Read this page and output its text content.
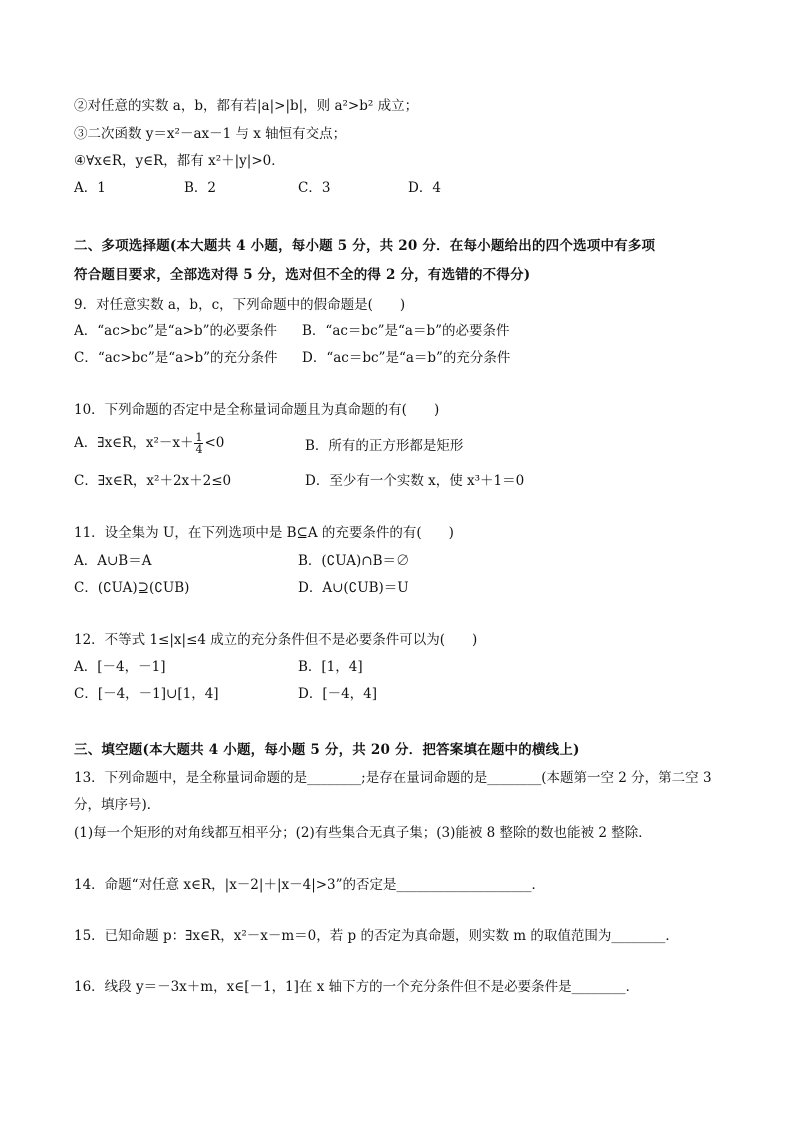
②对任意的实数 a，b，都有若|a|>|b|，则 a²>b² 成立；
③二次函数 y＝x²－ax－1 与 x 轴恒有交点；
④∀x∈R，y∈R，都有 x²＋|y|>0．
A．1	B．2	C．3	D．4
二、多项选择题(本大题共 4 小题，每小题 5 分，共 20 分．在每小题给出的四个选项中有多项
符合题目要求，全部选对得 5 分，选对但不全的得 2 分，有选错的不得分)
9．对任意实数 a，b，c，下列命题中的假命题是(　　)
A．“ac>bc”是“a>b”的必要条件 B．“ac＝bc”是“a＝b”的必要条件
C．“ac>bc”是“a>b”的充分条件 D．“ac＝bc”是“a＝b”的充分条件
10．下列命题的否定中是全称量词命题且为真命题的有(　　)
A．∃x∈R，$x^2-x+ \frac{1}{4} <0$	B．所有的正方形都是矩形
C．∃x∈R，x²＋2x＋2≤0	D．至少有一个实数 x，使 x³＋1＝0
11．设全集为 U，在下列选项中是 B⊆A 的充要条件的有(　　)
A．A∪B＝A	B．(∁UA)∩B＝∅
C．(∁UA)⊇(∁UB)	D．A∪(∁UB)＝U
12．不等式 1≤|x|≤4 成立的充分条件但不是必要条件可以为(　　)
A．[－4，－1]	B．[1，4]
C．[－4，－1]∪[1，4]	D．[－4，4]
三、填空题(本大题共 4 小题，每小题 5 分，共 20 分．把答案填在题中的横线上)
13．下列命题中，是全称量词命题的是________;是存在量词命题的是________(本题第一空 2 分，第二空 3
分，填序号)．
(1)每一个矩形的对角线都互相平分；(2)有些集合无真子集；(3)能被 8 整除的数也能被 2 整除．
14．命题“对任意 x∈R，|x－2|＋|x－4|>3”的否定是____________________．
15．已知命题 p：∃x∈R，x²－x－m＝0，若 p 的否定为真命题，则实数 m 的取值范围为________．
16．线段 y＝－3x＋m，x∈[－1，1]在 x 轴下方的一个充分条件但不是必要条件是________．
